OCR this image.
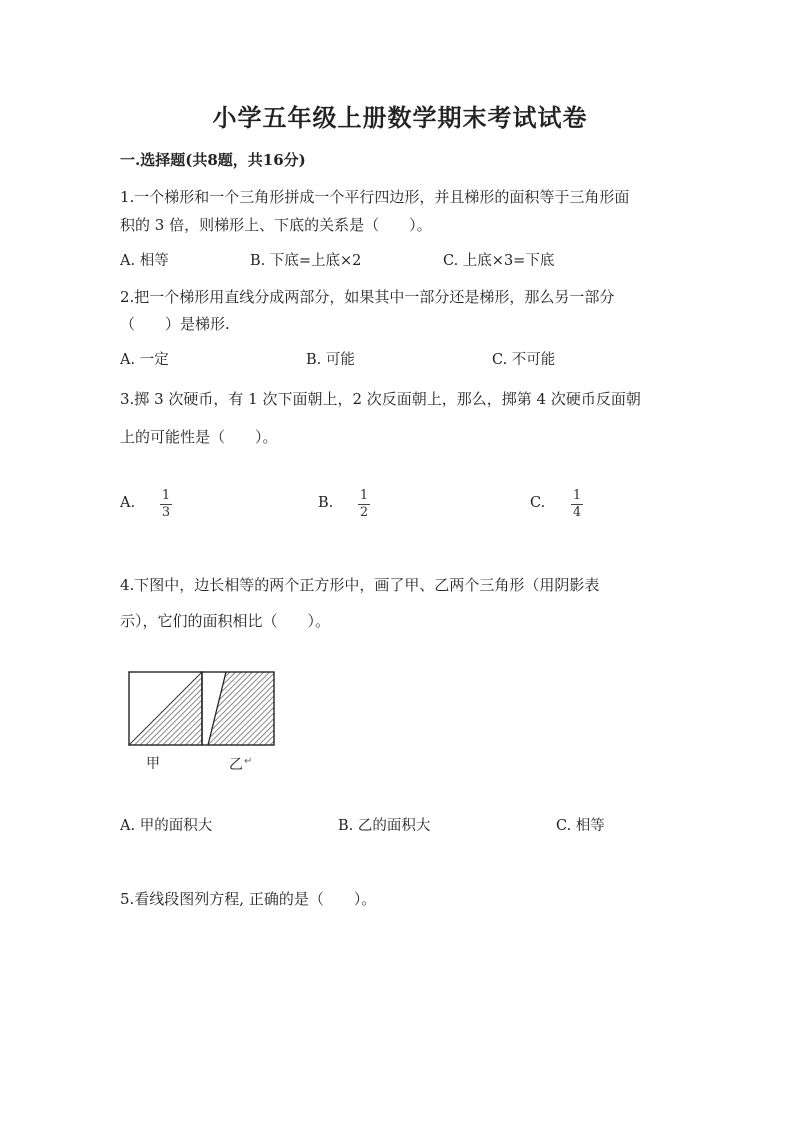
小学五年级上册数学期末考试试卷
一.选择题(共8题，共16分)
1.一个梯形和一个三角形拼成一个平行四边形，并且梯形的面积等于三角形面
积的 3 倍，则梯形上、下底的关系是（　　）。
A. 相等	B. 下底=上底×2	C. 上底×3=下底
2.把一个梯形用直线分成两部分，如果其中一部分还是梯形，那么另一部分
（　　）是梯形.
A. 一定	B. 可能	C. 不可能
3.掷 3 次硬币，有 1 次下面朝上，2 次反面朝上，那么，掷第 4 次硬币反面朝
上的可能性是（　　）。
A. 1
3
B. 1
2
C. 1
4
4.下图中，边长相等的两个正方形中，画了甲、乙两个三角形（用阴影表
示），它们的面积相比（　　）。
甲	乙 ↵
A. 甲的面积大	B. 乙的面积大	C. 相等
5.看线段图列方程, 正确的是（　　）。
